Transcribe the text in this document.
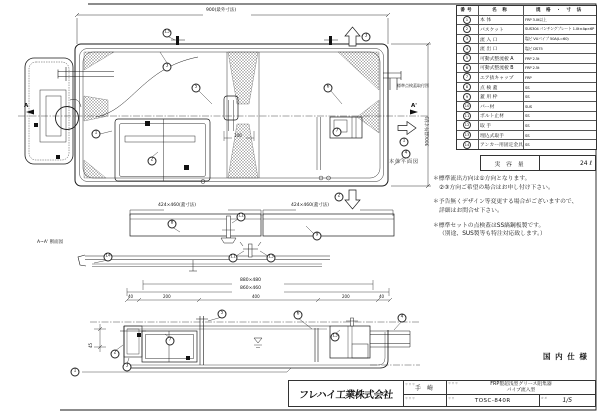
900(最外寸法)
300(最外寸法)
標準点検蓋取付図
本体平面図
424×460(蓋寸法)	424×460(蓋寸法)
A~A' 断面図
880×480
860×460
40	200	400	200	40
100
45
A	A'
13
3
5	6
2
7
1
3
2
1
4
8
11
9
14	11	13
1
2
3
7
5	6
13
4
番号	名 称	規 格 ・ 寸 法
1	本 体	FRP 3.0t以上
2	バスケット	SUS304 パンチングプレート 1.0t×4φ×6P
3	流 入 口	塩ビ VUパイプ 50A(L=60)
4	流 出 口	塩ビ DS75
5	可動式整流板 A	FRP 2.5t
6	可動式整流板 B	FRP 2.5t
7	エア抜キャップ	FRP
8	点 検 蓋	SS
9	蓋 用 枠	SS
10	バー材	SUS
11	ボルト止材	SS
12	取 手	SS
13	埋込式取手	SS
14	アンカー用固定金具 SS
実 容 量	24 ℓ
＊標準流出方向は①方向となります。
②③方向ご希望の場合はお申し付け下さい。
＊予告無くデザイン等変更する場合がございますので、
詳細はお問合せ下さい。
＊標準セットの点検蓋はSS縞鋼板製です。
（別途、SUS製等も特注対応致します。）
国 内 仕 様
フレハイ工業株式会社
＊＊＊
手 崎
＊＊＊
＊＊＊	FRP製超浅型グリース阻集器
パイプ流入型
＊＊	TOSC-840R	＊＊ 1/5
